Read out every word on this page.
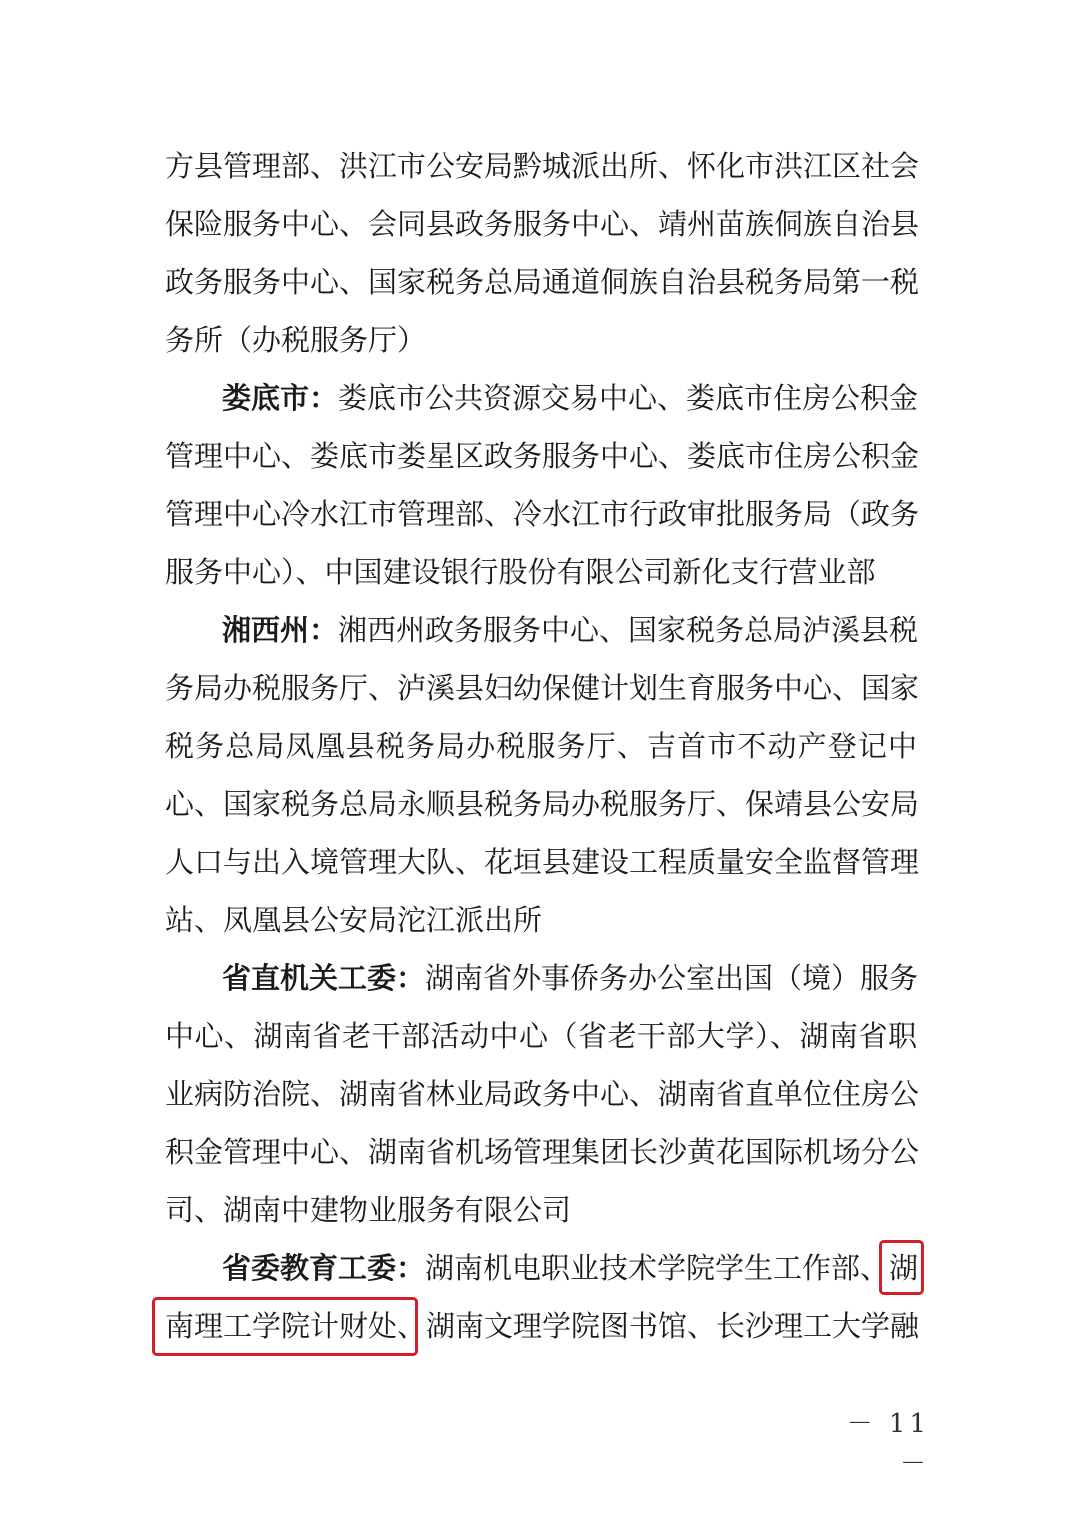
方县管理部、洪江市公安局黔城派出所、怀化市洪江区社会
保险服务中心、会同县政务服务中心、靖州苗族侗族自治县
政务服务中心、国家税务总局通道侗族自治县税务局第一税
务所（办税服务厅）
娄底市：娄底市公共资源交易中心、娄底市住房公积金
管理中心、娄底市娄星区政务服务中心、娄底市住房公积金
管理中心冷水江市管理部、冷水江市行政审批服务局（政务
服务中心）、中国建设银行股份有限公司新化支行营业部
湘西州：湘西州政务服务中心、国家税务总局泸溪县税
务局办税服务厅、泸溪县妇幼保健计划生育服务中心、国家
税务总局凤凰县税务局办税服务厅、吉首市不动产登记中
心、国家税务总局永顺县税务局办税服务厅、保靖县公安局
人口与出入境管理大队、花垣县建设工程质量安全监督管理
站、凤凰县公安局沱江派出所
省直机关工委：湖南省外事侨务办公室出国（境）服务
中心、湖南省老干部活动中心（省老干部大学）、湖南省职
业病防治院、湖南省林业局政务中心、湖南省直单位住房公
积金管理中心、湖南省机场管理集团长沙黄花国际机场分公
司、湖南中建物业服务有限公司
省委教育工委：湖南机电职业技术学院学生工作部、湖
南理工学院计财处、湖南文理学院图书馆、长沙理工大学融
－ 11 －
